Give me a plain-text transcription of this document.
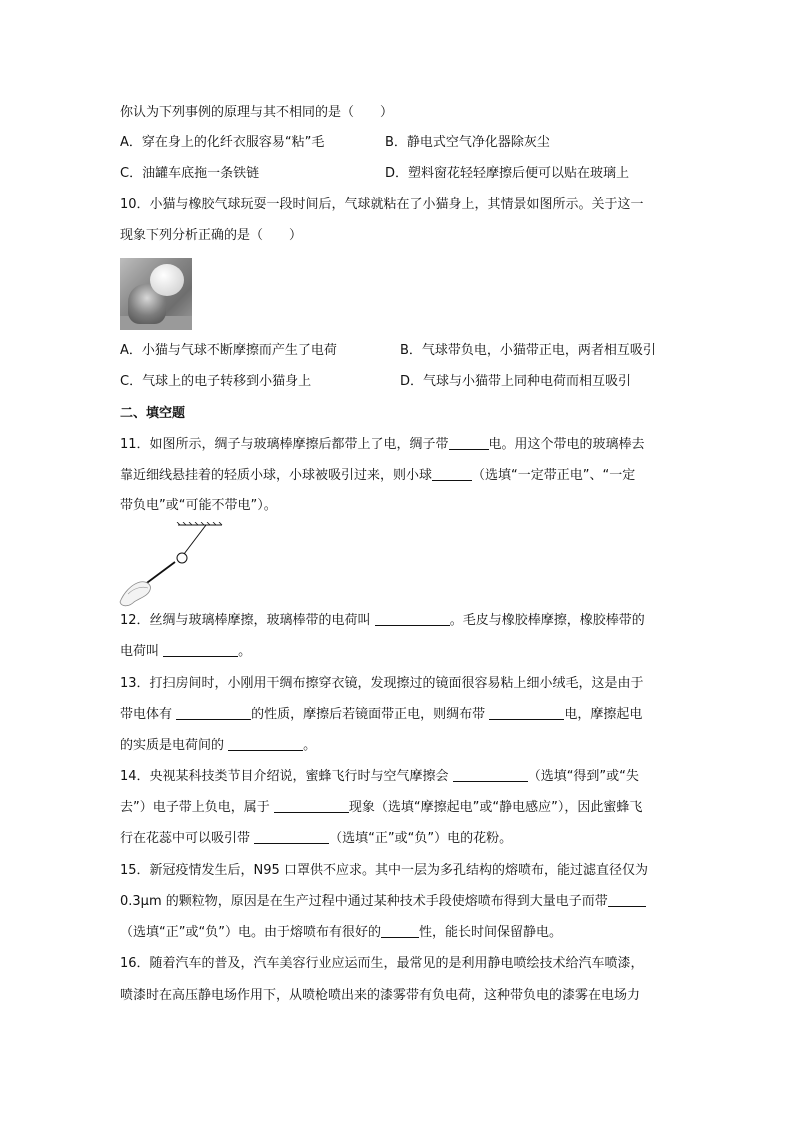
你认为下列事例的原理与其不相同的是（　　）
A．穿在身上的化纤衣服容易“粘”毛	B．静电式空气净化器除灰尘
C．油罐车底拖一条铁链	D．塑料窗花轻轻摩擦后便可以贴在玻璃上
10．小猫与橡胶气球玩耍一段时间后，气球就粘在了小猫身上，其情景如图所示。关于这一
现象下列分析正确的是（　　）
A．小猫与气球不断摩擦而产生了电荷	B．气球带负电，小猫带正电，两者相互吸引
C．气球上的电子转移到小猫身上	D．气球与小猫带上同种电荷而相互吸引
二、填空题
11．如图所示，绸子与玻璃棒摩擦后都带上了电，绸子带	电。用这个带电的玻璃棒去
靠近细线悬挂着的轻质小球，小球被吸引过来，则小球	（选填“一定带正电”、“一定
带负电”或“可能不带电”）。
12．丝绸与玻璃棒摩擦，玻璃棒带的电荷叫	。毛皮与橡胶棒摩擦，橡胶棒带的
电荷叫	。
13．打扫房间时，小刚用干绸布擦穿衣镜，发现擦过的镜面很容易粘上细小绒毛，这是由于
带电体有	的性质，摩擦后若镜面带正电，则绸布带	电，摩擦起电
的实质是电荷间的	。
14．央视某科技类节目介绍说，蜜蜂飞行时与空气摩擦会	（选填“得到”或“失
去”）电子带上负电，属于	现象（选填“摩擦起电”或“静电感应”），因此蜜蜂飞
行在花蕊中可以吸引带	（选填“正”或“负”）电的花粉。
15．新冠疫情发生后，N95 口罩供不应求。其中一层为多孔结构的熔喷布，能过滤直径仅为
0.3μm 的颗粒物，原因是在生产过程中通过某种技术手段使熔喷布得到大量电子而带
（选填“正”或“负”）电。由于熔喷布有很好的	性，能长时间保留静电。
16．随着汽车的普及，汽车美容行业应运而生，最常见的是利用静电喷绘技术给汽车喷漆，
喷漆时在高压静电场作用下，从喷枪喷出来的漆雾带有负电荷，这种带负电的漆雾在电场力
